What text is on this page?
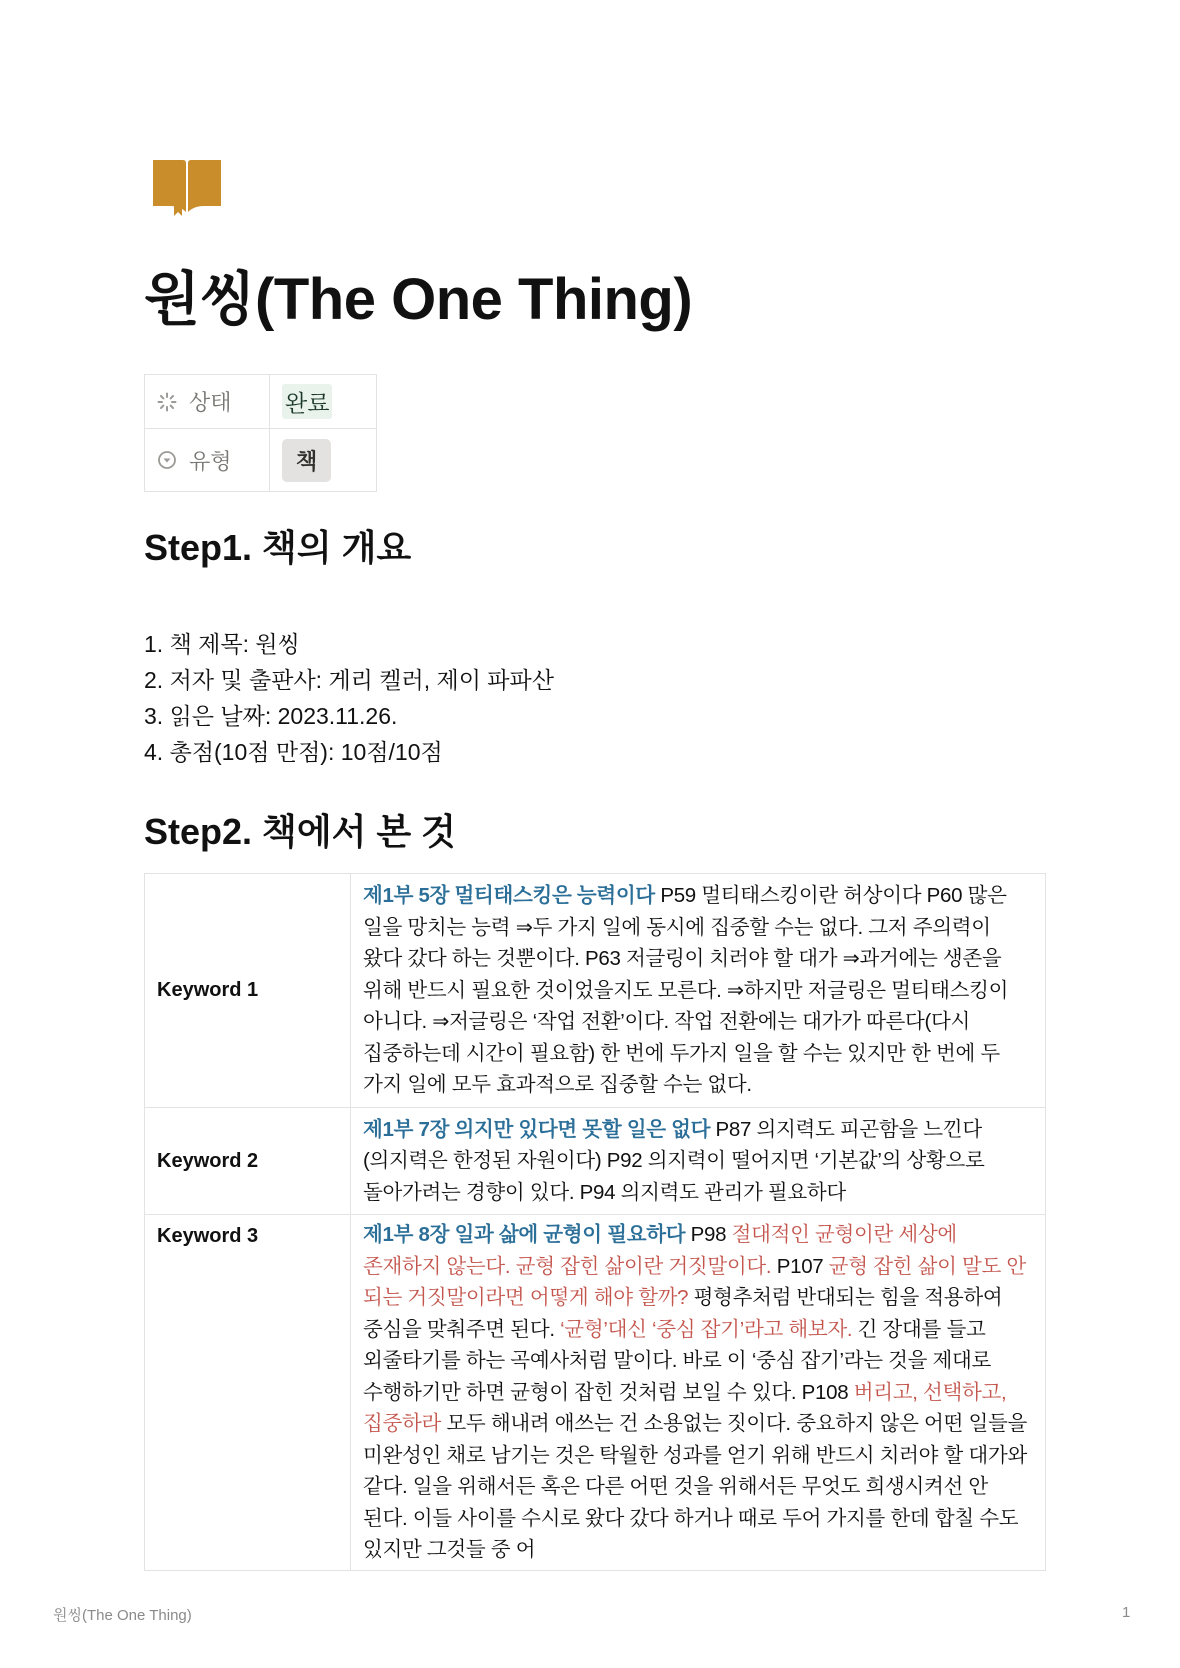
원씽(The One Thing)
상태	완료
유형	책
Step1. 책의 개요
1. 책 제목: 원씽
2. 저자 및 출판사: 게리 켈러, 제이 파파산
3. 읽은 날짜: 2023.11.26.
4. 총점(10점 만점): 10점/10점
Step2. 책에서 본 것
Keyword 1	제1부 5장 멀티태스킹은 능력이다 P59 멀티태스킹이란 허상이다 P60 많은 일을 망치는 능력 ⇒두 가지 일에 동시에 집중할 수는 없다. 그저 주의력이 왔다 갔다 하는 것뿐이다. P63 저글링이 치러야 할 대가 ⇒과거에는 생존을 위해 반드시 필요한 것이었을지도 모른다. ⇒하지만 저글링은 멀티태스킹이 아니다. ⇒저글링은 ‘작업 전환’이다. 작업 전환에는 대가가 따른다(다시 집중하는데 시간이 필요함) 한 번에 두가지 일을 할 수는 있지만 한 번에 두 가지 일에 모두 효과적으로 집중할 수는 없다.
Keyword 2	제1부 7장 의지만 있다면 못할 일은 없다 P87 의지력도 피곤함을 느낀다(의지력은 한정된 자원이다) P92 의지력이 떨어지면 ‘기본값’의 상황으로 돌아가려는 경향이 있다. P94 의지력도 관리가 필요하다
Keyword 3	제1부 8장 일과 삶에 균형이 필요하다 P98 절대적인 균형이란 세상에 존재하지 않는다. 균형 잡힌 삶이란 거짓말이다. P107 균형 잡힌 삶이 말도 안 되는 거짓말이라면 어떻게 해야 할까? 평형추처럼 반대되는 힘을 적용하여 중심을 맞춰주면 된다. ‘균형’대신 ‘중심 잡기’라고 해보자. 긴 장대를 들고 외줄타기를 하는 곡예사처럼 말이다. 바로 이 ‘중심 잡기’라는 것을 제대로 수행하기만 하면 균형이 잡힌 것처럼 보일 수 있다. P108 버리고, 선택하고, 집중하라 모두 해내려 애쓰는 건 소용없는 짓이다. 중요하지 않은 어떤 일들을 미완성인 채로 남기는 것은 탁월한 성과를 얻기 위해 반드시 치러야 할 대가와 같다. 일을 위해서든 혹은 다른 어떤 것을 위해서든 무엇도 희생시켜선 안 된다. 이들 사이를 수시로 왔다 갔다 하거나 때로 두어 가지를 한데 합칠 수도 있지만 그것들 중 어
원씽(The One Thing)	1
